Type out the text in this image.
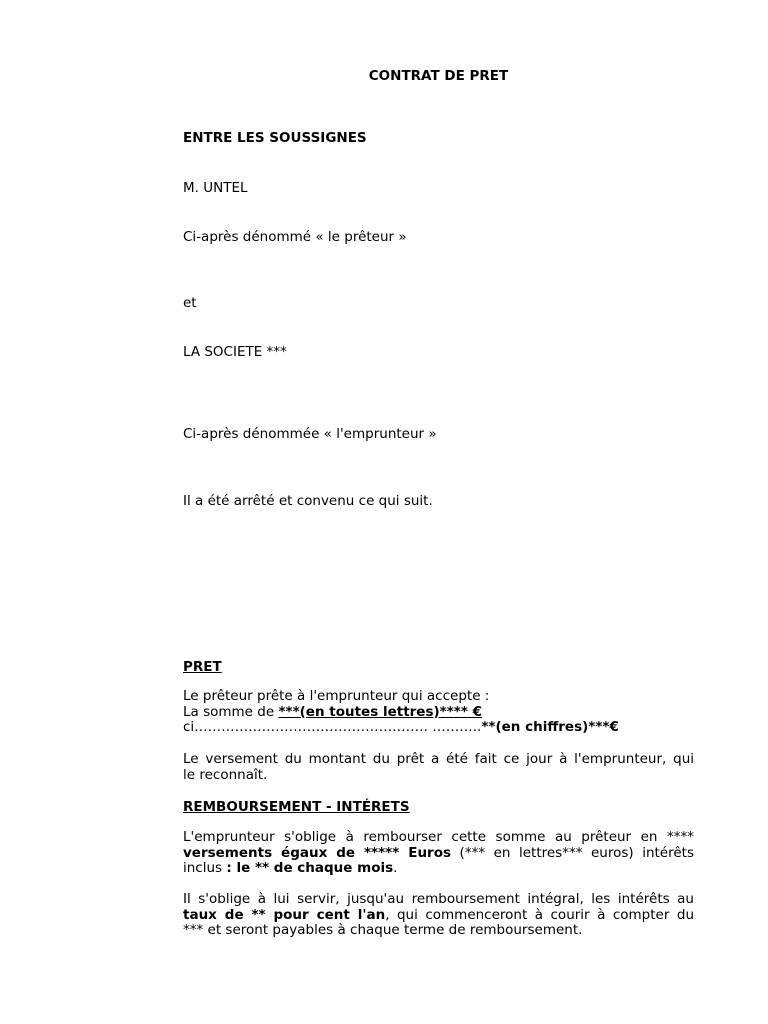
CONTRAT DE PRET
ENTRE LES SOUSSIGNES
M. UNTEL
Ci-après dénommé « le prêteur »
et
LA SOCIETE ***
Ci-après dénommée « l'emprunteur »
Il a été arrêté et convenu ce qui suit.
PRET
Le prêteur prête à l'emprunteur qui accepte :
La somme de ***(en toutes lettres)**** €
ci……………………………………………. ………..**(en chiffres)***€
Le versement du montant du prêt a été fait ce jour à l'emprunteur, qui
le reconnaît.
REMBOURSEMENT - INTÉRETS
L'emprunteur s'oblige à rembourser cette somme au prêteur en ****
versements égaux de ***** Euros (*** en lettres*** euros) intérêts
inclus : le ** de chaque mois.
Il s'oblige à lui servir, jusqu'au remboursement intégral, les intérêts au
taux de ** pour cent l'an, qui commenceront à courir à compter du
*** et seront payables à chaque terme de remboursement.
